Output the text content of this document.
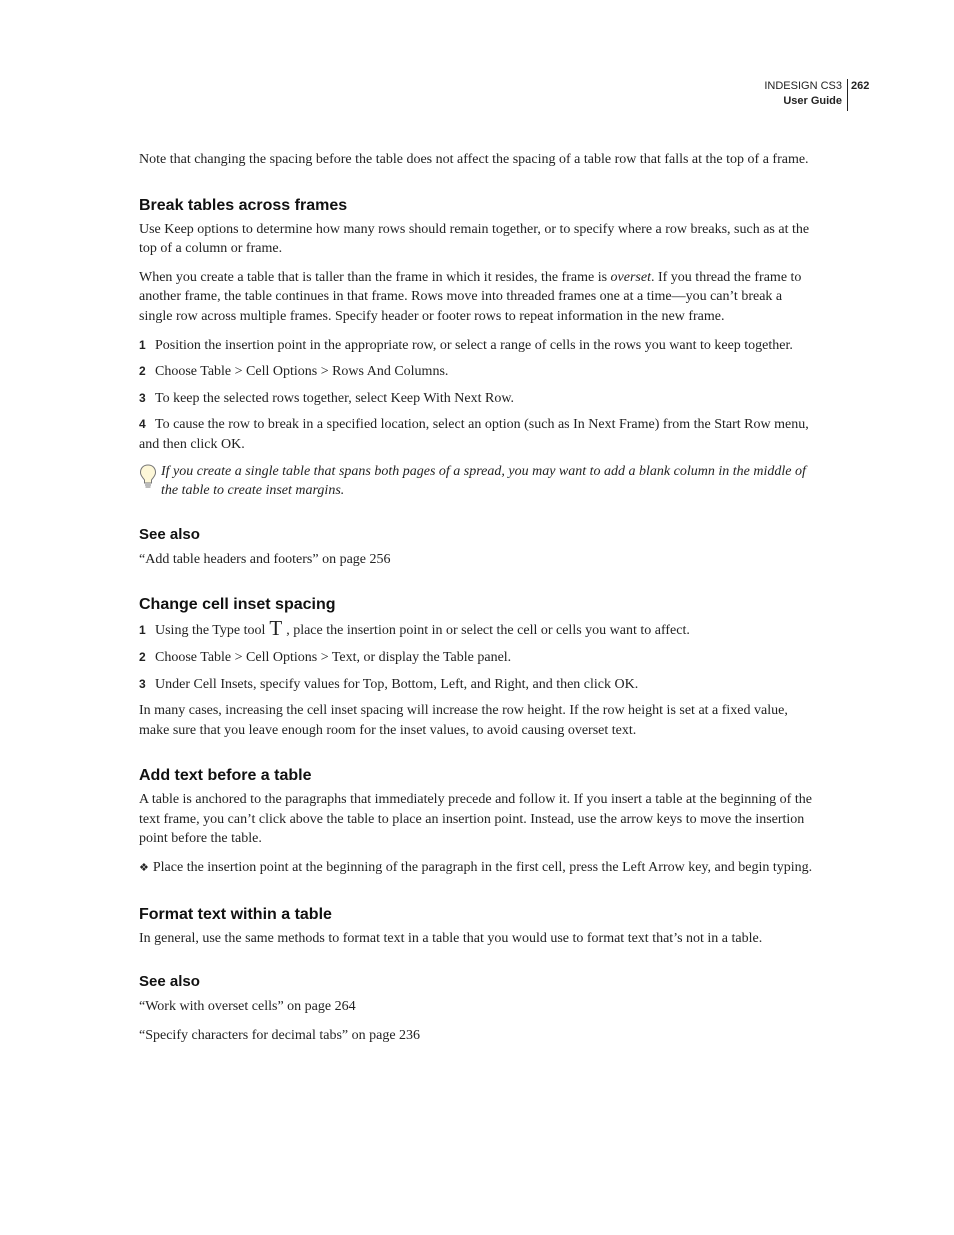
INDESIGN CS3
User Guide
262

Note that changing the spacing before the table does not affect the spacing of a table row that falls at the top of a frame.

Break tables across frames

Use Keep options to determine how many rows should remain together, or to specify where a row breaks, such as at the top of a column or frame.

When you create a table that is taller than the frame in which it resides, the frame is overset. If you thread the frame to another frame, the table continues in that frame. Rows move into threaded frames one at a time—you can’t break a single row across multiple frames. Specify header or footer rows to repeat information in the new frame.

1 Position the insertion point in the appropriate row, or select a range of cells in the rows you want to keep together.
2 Choose Table > Cell Options > Rows And Columns.
3 To keep the selected rows together, select Keep With Next Row.
4 To cause the row to break in a specified location, select an option (such as In Next Frame) from the Start Row menu, and then click OK.
If you create a single table that spans both pages of a spread, you may want to add a blank column in the middle of the table to create inset margins.
See also

“Add table headers and footers” on page 256

Change cell inset spacing
1 Using the Type tool T , place the insertion point in or select the cell or cells you want to affect.
2 Choose Table > Cell Options > Text, or display the Table panel.
3 Under Cell Insets, specify values for Top, Bottom, Left, and Right, and then click OK.

In many cases, increasing the cell inset spacing will increase the row height. If the row height is set at a fixed value, make sure that you leave enough room for the inset values, to avoid causing overset text.

Add text before a table

A table is anchored to the paragraphs that immediately precede and follow it. If you insert a table at the beginning of the text frame, you can’t click above the table to place an insertion point. Instead, use the arrow keys to move the insertion point before the table.

❖ Place the insertion point at the beginning of the paragraph in the first cell, press the Left Arrow key, and begin typing.

Format text within a table

In general, use the same methods to format text in a table that you would use to format text that’s not in a table.

See also

“Work with overset cells” on page 264

“Specify characters for decimal tabs” on page 236
